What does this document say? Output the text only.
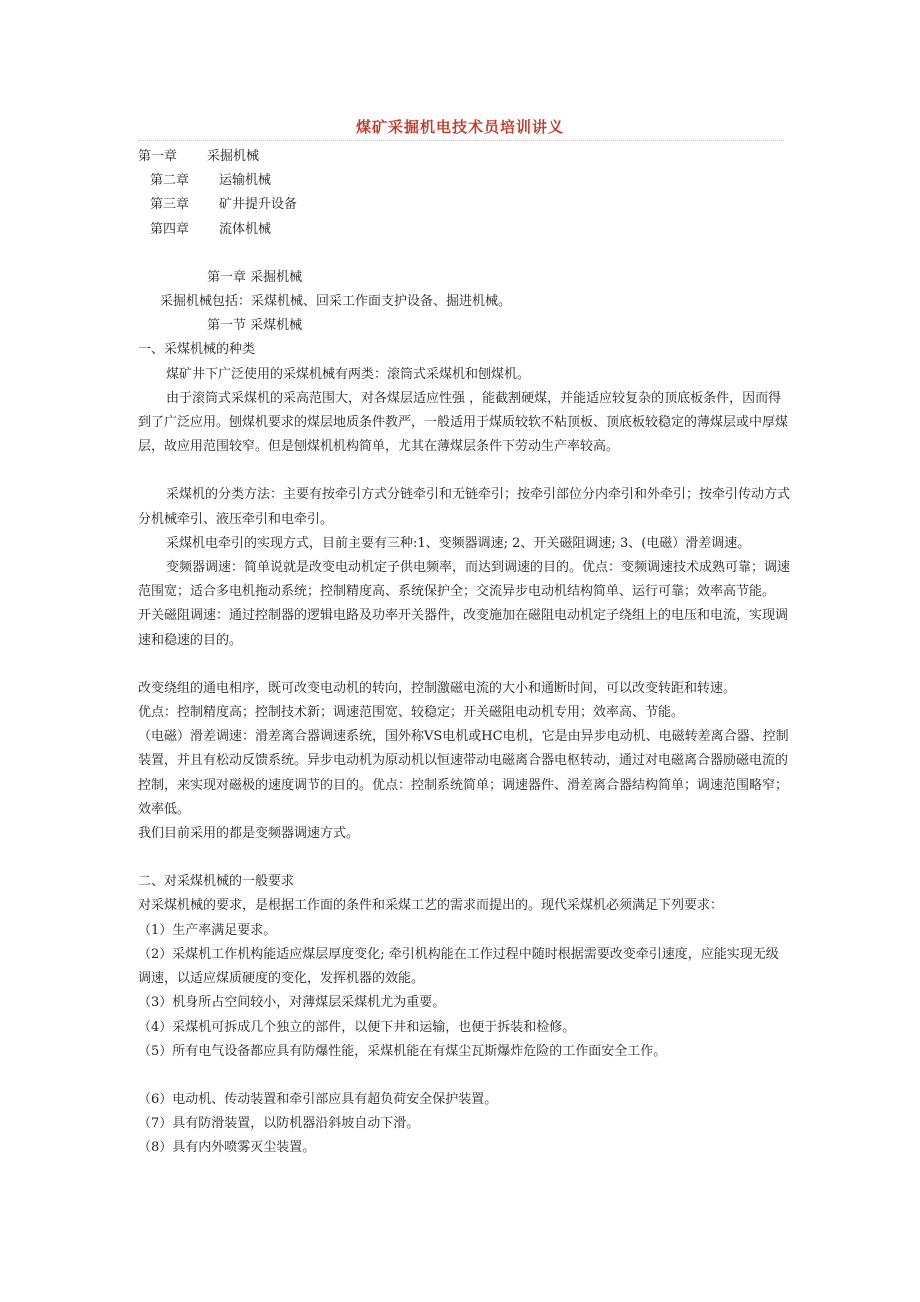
煤矿采掘机电技术员培训讲义

第一章 采掘机械

第二章 运输机械

第三章 矿井提升设备

第四章 流体机械

第一章 采掘机械

采掘机械包括：采煤机械、回采工作面支护设备、掘进机械。

第一节 采煤机械

一、采煤机械的种类

煤矿井下广泛使用的采煤机械有两类：滚筒式采煤机和刨煤机。

由于滚筒式采煤机的采高范围大，对各煤层适应性强 ，能截割硬煤，并能适应较复杂的顶底板条件，因而得到了广泛应用。刨煤机要求的煤层地质条件教严，一般适用于煤质较软不粘顶板、顶底板较稳定的薄煤层或中厚煤层，故应用范围较窄。但是刨煤机机构简单，尤其在薄煤层条件下劳动生产率较高。

采煤机的分类方法：主要有按牵引方式分链牵引和无链牵引；按牵引部位分内牵引和外牵引；按牵引传动方式分机械牵引、液压牵引和电牵引。

采煤机电牵引的实现方式，目前主要有三种:1、变频器调速; 2、开关磁阻调速; 3、(电磁）滑差调速。

变频器调速：简单说就是改变电动机定子供电频率，而达到调速的目的。优点：变频调速技术成熟可靠；调速范围宽；适合多电机拖动系统；控制精度高、系统保护全；交流异步电动机结构简单、运行可靠；效率高节能。

开关磁阻调速：通过控制器的逻辑电路及功率开关器件，改变施加在磁阻电动机定子绕组上的电压和电流，实现调速和稳速的目的。

改变绕组的通电相序，既可改变电动机的转向，控制激磁电流的大小和通断时间，可以改变转距和转速。

优点：控制精度高；控制技术新；调速范围宽、较稳定；开关磁阻电动机专用；效率高、节能。

（电磁）滑差调速：滑差离合器调速系统，国外称VS电机或HC电机，它是由异步电动机、电磁转差离合器、控制装置，并且有松动反馈系统。异步电动机为原动机以恒速带动电磁离合器电枢转动，通过对电磁离合器励磁电流的控制，来实现对磁极的速度调节的目的。优点：控制系统简单；调速器件、滑差离合器结构简单；调速范围略窄；效率低。

我们目前采用的都是变频器调速方式。

二、对采煤机械的一般要求

对采煤机械的要求，是根据工作面的条件和采煤工艺的需求而提出的。现代采煤机必须满足下列要求：

（1）生产率满足要求。

（2）采煤机工作机构能适应煤层厚度变化; 牵引机构能在工作过程中随时根据需要改变牵引速度，应能实现无级调速，以适应煤质硬度的变化，发挥机器的效能。

（3）机身所占空间较小，对薄煤层采煤机尤为重要。

（4）采煤机可拆成几个独立的部件，以便下井和运输，也便于拆装和检修。

（5）所有电气设备都应具有防爆性能，采煤机能在有煤尘瓦斯爆炸危险的工作面安全工作。

（6）电动机、传动装置和牵引部应具有超负荷安全保护装置。

（7）具有防滑装置，以防机器沿斜坡自动下滑。

（8）具有内外喷雾灭尘装置。
